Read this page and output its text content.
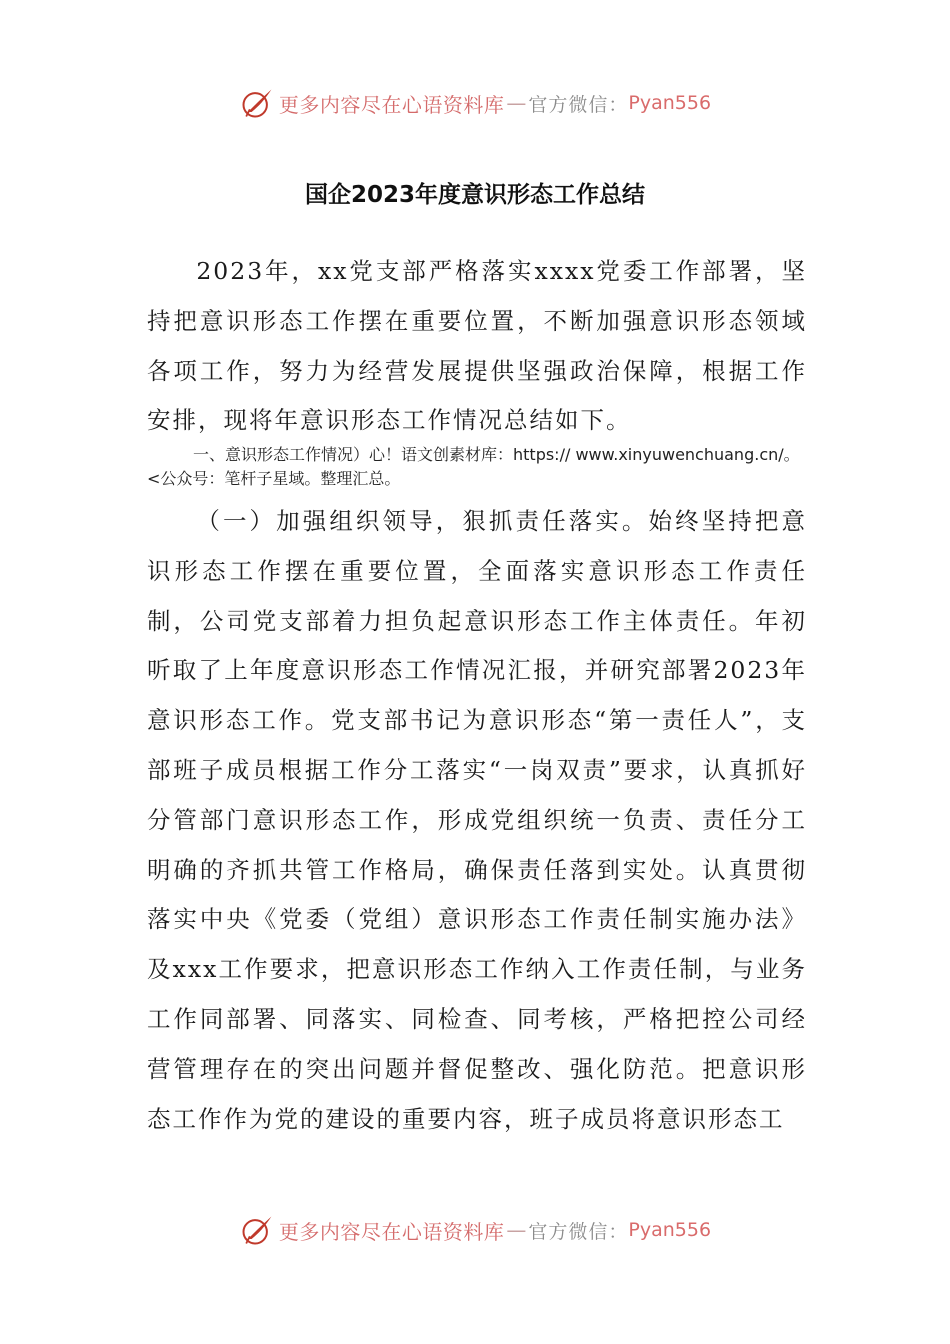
更多内容尽在心语资料库 — 官方微信： Pyan556
国企2023年度意识形态工作总结

2023年，xx党支部严格落实xxxx党委工作部署，坚持把意识形态工作摆在重要位置，不断加强意识形态领域各项工作，努力为经营发展提供坚强政治保障，根据工作安排，现将年意识形态工作情况总结如下。

一、意识形态工作情况）心！语文创素材库：https:// www.xinyuwenchuang.cn/。<公众号：笔杆子星域。整理汇总。

（一）加强组织领导，狠抓责任落实。始终坚持把意识形态工作摆在重要位置，全面落实意识形态工作责任制，公司党支部着力担负起意识形态工作主体责任。年初听取了上年度意识形态工作情况汇报，并研究部署2023年意识形态工作。党支部书记为意识形态“第一责任人”，支部班子成员根据工作分工落实“一岗双责”要求，认真抓好分管部门意识形态工作，形成党组织统一负责、责任分工明确的齐抓共管工作格局，确保责任落到实处。认真贯彻落实中央《党委（党组）意识形态工作责任制实施办法》及xxx工作要求，把意识形态工作纳入工作责任制，与业务工作同部署、同落实、同检查、同考核，严格把控公司经营管理存在的突出问题并督促整改、强化防范。把意识形态工作作为党的建设的重要内容，班子成员将意识形态工

更多内容尽在心语资料库 — 官方微信： Pyan556
